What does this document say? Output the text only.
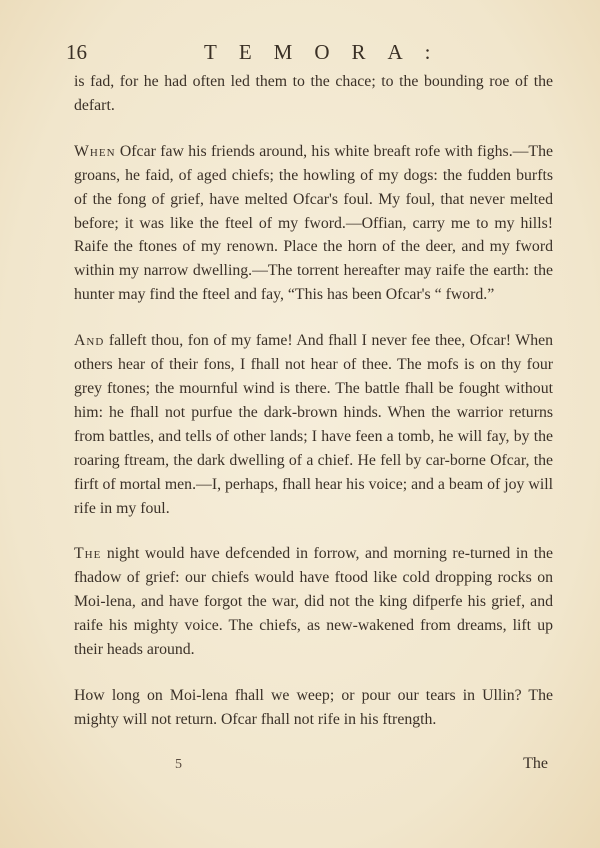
16	TEMORA:

is fad, for he had often led them to the chace; to the bounding roe of the defart.

When Ofcar faw his friends around, his white breaft rofe with fighs.—The groans, he faid, of aged chiefs; the howling of my dogs: the fudden burfts of the fong of grief, have melted Ofcar's foul. My foul, that never melted before; it was like the fteel of my fword.—Offian, carry me to my hills! Raife the ftones of my renown. Place the horn of the deer, and my fword within my narrow dwelling.—The torrent hereafter may raife the earth: the hunter may find the fteel and fay, “This has been Ofcar's “ fword.”

And falleft thou, fon of my fame! And fhall I never fee thee, Ofcar! When others hear of their fons, I fhall not hear of thee. The mofs is on thy four grey ftones; the mournful wind is there. The battle fhall be fought without him: he fhall not purfue the dark-brown hinds. When the warrior returns from battles, and tells of other lands; I have feen a tomb, he will fay, by the roaring ftream, the dark dwelling of a chief. He fell by car-borne Ofcar, the firft of mortal men.—I, perhaps, fhall hear his voice; and a beam of joy will rife in my foul.

The night would have defcended in forrow, and morning re-turned in the fhadow of grief: our chiefs would have ftood like cold dropping rocks on Moi-lena, and have forgot the war, did not the king difperfe his grief, and raife his mighty voice. The chiefs, as new-wakened from dreams, lift up their heads around.

How long on Moi-lena fhall we weep; or pour our tears in Ullin? The mighty will not return. Ofcar fhall not rife in his ftrength.

5	The
